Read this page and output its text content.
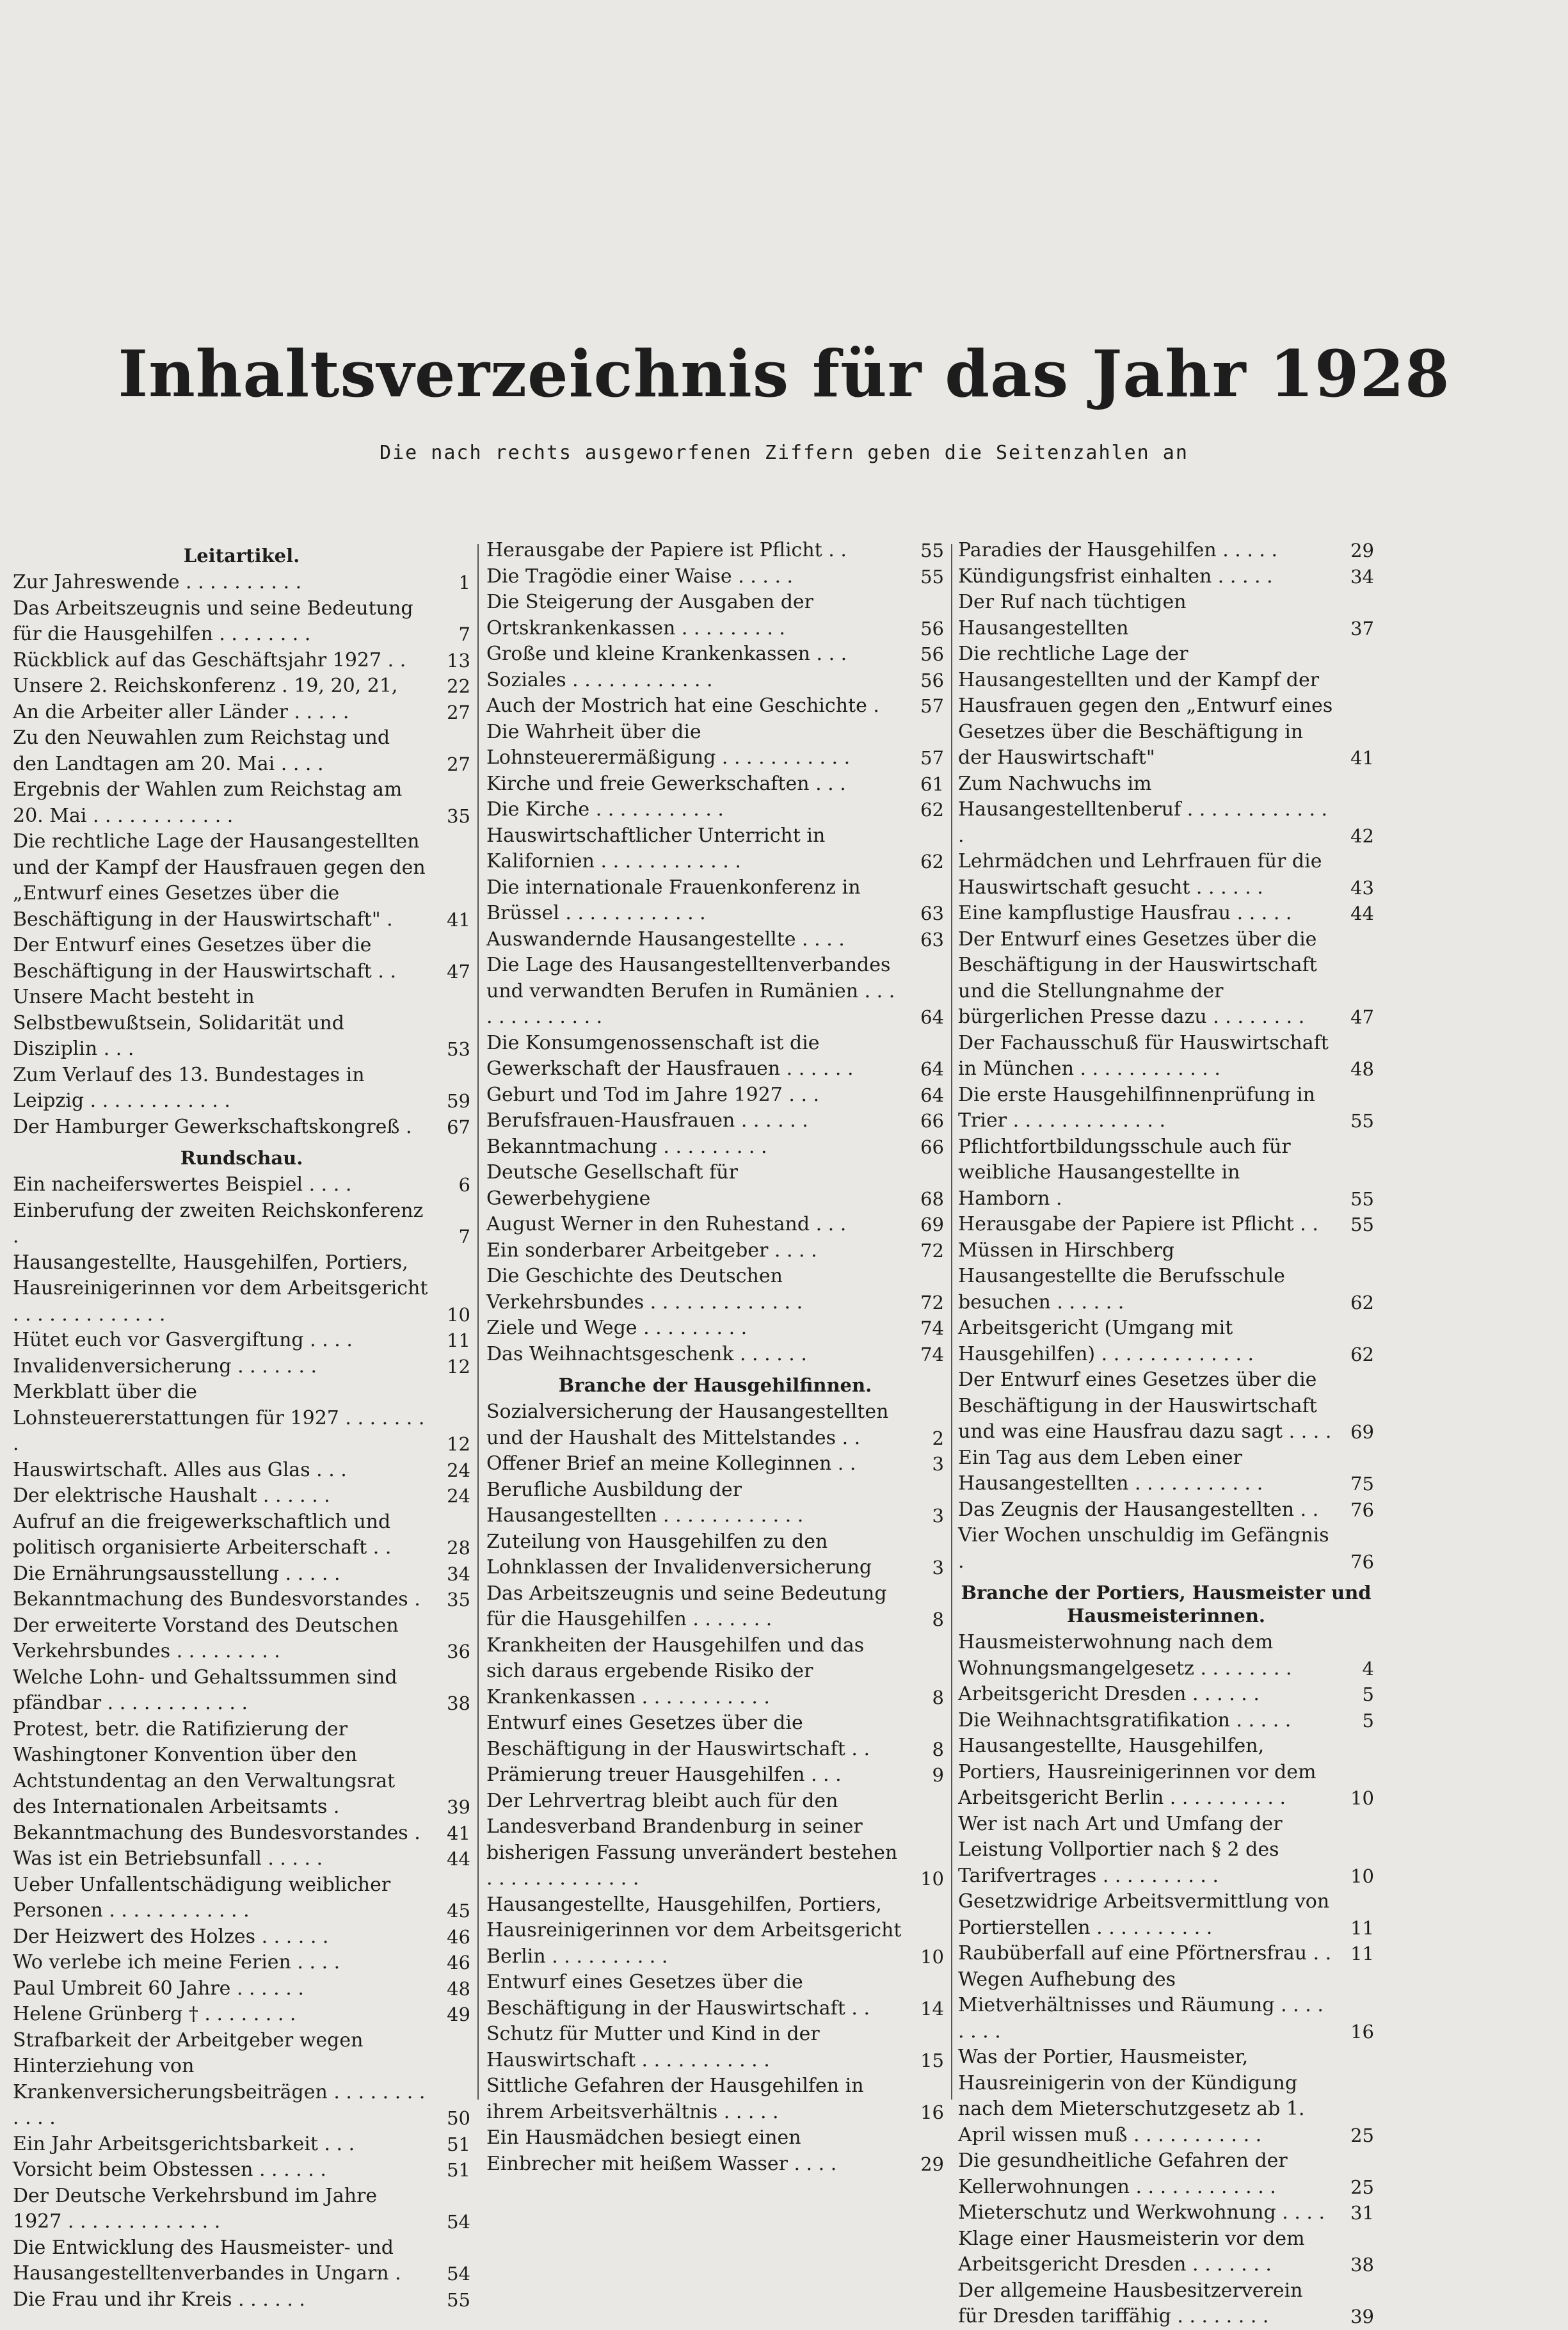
Inhaltsverzeichnis für das Jahr 1928
Die nach rechts ausgeworfenen Ziffern geben die Seitenzahlen an
Leitartikel.
Zur Jahreswende . . . . . . . . . .	1
Das Arbeitszeugnis und seine Bedeutung für die Hausgehilfen . . . . . . . .	7
Rückblick auf das Geschäftsjahr 1927 . .	13
Unsere 2. Reichskonferenz . 19, 20, 21,	22
An die Arbeiter aller Länder . . . . .	27
Zu den Neuwahlen zum Reichstag und den Landtagen am 20. Mai . . . .	27
Ergebnis der Wahlen zum Reichstag am 20. Mai . . . . . . . . . . . .	35
Die rechtliche Lage der Hausangestellten und der Kampf der Hausfrauen gegen den „Entwurf eines Gesetzes über die Beschäftigung in der Hauswirtschaft" .	41
Der Entwurf eines Gesetzes über die Beschäftigung in der Hauswirtschaft . .	47
Unsere Macht besteht in Selbstbewußtsein, Solidarität und Disziplin . . .	53
Zum Verlauf des 13. Bundestages in Leipzig . . . . . . . . . . . .	59
Der Hamburger Gewerkschaftskongreß .	67
Rundschau.
Ein nacheiferswertes Beispiel . . . .	6
Einberufung der zweiten Reichskonferenz .	7
Hausangestellte, Hausgehilfen, Portiers, Hausreinigerinnen vor dem Arbeitsgericht . . . . . . . . . . . . .	10
Hütet euch vor Gasvergiftung . . . .	11
Invalidenversicherung . . . . . . .	12
Merkblatt über die Lohnsteuererstattungen für 1927 . . . . . . . .	12
Hauswirtschaft. Alles aus Glas . . .	24
Der elektrische Haushalt . . . . . .	24
Aufruf an die freigewerkschaftlich und politisch organisierte Arbeiterschaft . .	28
Die Ernährungsausstellung . . . . .	34
Bekanntmachung des Bundesvorstandes .	35
Der erweiterte Vorstand des Deutschen Verkehrsbundes . . . . . . . . .	36
Welche Lohn- und Gehaltssummen sind pfändbar . . . . . . . . . . . .	38
Protest, betr. die Ratifizierung der Washingtoner Konvention über den Achtstundentag an den Verwaltungsrat des Internationalen Arbeitsamts .	39
Bekanntmachung des Bundesvorstandes .	41
Was ist ein Betriebsunfall . . . . .	44
Ueber Unfallentschädigung weiblicher Personen . . . . . . . . . . . .	45
Der Heizwert des Holzes . . . . . .	46
Wo verlebe ich meine Ferien . . . .	46
Paul Umbreit 60 Jahre . . . . . .	48
Helene Grünberg † . . . . . . . .	49
Strafbarkeit der Arbeitgeber wegen Hinterziehung von Krankenversicherungsbeiträgen . . . . . . . . . . . .	50
Ein Jahr Arbeitsgerichtsbarkeit . . .	51
Vorsicht beim Obstessen . . . . . .	51
Der Deutsche Verkehrsbund im Jahre 1927 . . . . . . . . . . . . .	54
Die Entwicklung des Hausmeister- und Hausangestelltenverbandes in Ungarn .	54
Die Frau und ihr Kreis . . . . . .	55
Herausgabe der Papiere ist Pflicht . .	55
Die Tragödie einer Waise . . . . .	55
Die Steigerung der Ausgaben der Ortskrankenkassen . . . . . . . . .	56
Große und kleine Krankenkassen . . .	56
Soziales . . . . . . . . . . . .	56
Auch der Mostrich hat eine Geschichte .	57
Die Wahrheit über die Lohnsteuerermäßigung . . . . . . . . . . .	57
Kirche und freie Gewerkschaften . . .	61
Die Kirche . . . . . . . . . . .	62
Hauswirtschaftlicher Unterricht in Kalifornien . . . . . . . . . . . .	62
Die internationale Frauenkonferenz in Brüssel . . . . . . . . . . . .	63
Auswandernde Hausangestellte . . . .	63
Die Lage des Hausangestelltenverbandes und verwandten Berufen in Rumänien . . . . . . . . . . . . .	64
Die Konsumgenossenschaft ist die Gewerkschaft der Hausfrauen . . . . . .	64
Geburt und Tod im Jahre 1927 . . .	64
Berufsfrauen-Hausfrauen . . . . . .	66
Bekanntmachung . . . . . . . . .	66
Deutsche Gesellschaft für Gewerbehygiene	68
August Werner in den Ruhestand . . .	69
Ein sonderbarer Arbeitgeber . . . .	72
Die Geschichte des Deutschen Verkehrsbundes . . . . . . . . . . . . .	72
Ziele und Wege . . . . . . . . .	74
Das Weihnachtsgeschenk . . . . . .	74
Branche der Hausgehilfinnen.
Sozialversicherung der Hausangestellten und der Haushalt des Mittelstandes . .	2
Offener Brief an meine Kolleginnen . .	3
Berufliche Ausbildung der Hausangestellten . . . . . . . . . . . .	3
Zuteilung von Hausgehilfen zu den Lohnklassen der Invalidenversicherung	3
Das Arbeitszeugnis und seine Bedeutung für die Hausgehilfen . . . . . . .	8
Krankheiten der Hausgehilfen und das sich daraus ergebende Risiko der Krankenkassen . . . . . . . . . . .	8
Entwurf eines Gesetzes über die Beschäftigung in der Hauswirtschaft . .	8
Prämierung treuer Hausgehilfen . . .	9
Der Lehrvertrag bleibt auch für den Landesverband Brandenburg in seiner bisherigen Fassung unverändert bestehen . . . . . . . . . . . . .	10
Hausangestellte, Hausgehilfen, Portiers, Hausreinigerinnen vor dem Arbeitsgericht Berlin . . . . . . . . . .	10
Entwurf eines Gesetzes über die Beschäftigung in der Hauswirtschaft . .	14
Schutz für Mutter und Kind in der Hauswirtschaft . . . . . . . . . . .	15
Sittliche Gefahren der Hausgehilfen in ihrem Arbeitsverhältnis . . . . .	16
Ein Hausmädchen besiegt einen Einbrecher mit heißem Wasser . . . .	29
Paradies der Hausgehilfen . . . . .	29
Kündigungsfrist einhalten . . . . .	34
Der Ruf nach tüchtigen Hausangestellten	37
Die rechtliche Lage der Hausangestellten und der Kampf der Hausfrauen gegen den „Entwurf eines Gesetzes über die Beschäftigung in der Hauswirtschaft"	41
Zum Nachwuchs im Hausangestelltenberuf . . . . . . . . . . . . .	42
Lehrmädchen und Lehrfrauen für die Hauswirtschaft gesucht . . . . . .	43
Eine kampflustige Hausfrau . . . . .	44
Der Entwurf eines Gesetzes über die Beschäftigung in der Hauswirtschaft und die Stellungnahme der bürgerlichen Presse dazu . . . . . . . .	47
Der Fachausschuß für Hauswirtschaft in München . . . . . . . . . . . .	48
Die erste Hausgehilfinnenprüfung in Trier . . . . . . . . . . . . .	55
Pflichtfortbildungsschule auch für weibliche Hausangestellte in Hamborn .	55
Herausgabe der Papiere ist Pflicht . .	55
Müssen in Hirschberg Hausangestellte die Berufsschule besuchen . . . . . .	62
Arbeitsgericht (Umgang mit Hausgehilfen) . . . . . . . . . . . . .	62
Der Entwurf eines Gesetzes über die Beschäftigung in der Hauswirtschaft und was eine Hausfrau dazu sagt . . . . 69
Ein Tag aus dem Leben einer Hausangestellten . . . . . . . . . . .	75
Das Zeugnis der Hausangestellten . .	76
Vier Wochen unschuldig im Gefängnis .	76
Branche der Portiers, Hausmeister und Hausmeisterinnen.
Hausmeisterwohnung nach dem Wohnungsmangelgesetz . . . . . . . .	4
Arbeitsgericht Dresden . . . . . .	5
Die Weihnachtsgratifikation . . . . .	5
Hausangestellte, Hausgehilfen, Portiers, Hausreinigerinnen vor dem Arbeitsgericht Berlin . . . . . . . . . .	10
Wer ist nach Art und Umfang der Leistung Vollportier nach § 2 des Tarifvertrages . . . . . . . . . .	10
Gesetzwidrige Arbeitsvermittlung von Portierstellen . . . . . . . . . .	11
Raubüberfall auf eine Pförtnersfrau . . 11
Wegen Aufhebung des Mietverhältnisses und Räumung . . . . . . . .	16
Was der Portier, Hausmeister, Hausreinigerin von der Kündigung nach dem Mieterschutzgesetz ab 1. April wissen muß . . . . . . . . . . .	25
Die gesundheitliche Gefahren der Kellerwohnungen . . . . . . . . . . . .	25
Mieterschutz und Werkwohnung . . . .	31
Klage einer Hausmeisterin vor dem Arbeitsgericht Dresden . . . . . . .	38
Der allgemeine Hausbesitzerverein für Dresden tariffähig . . . . . . . .	39
